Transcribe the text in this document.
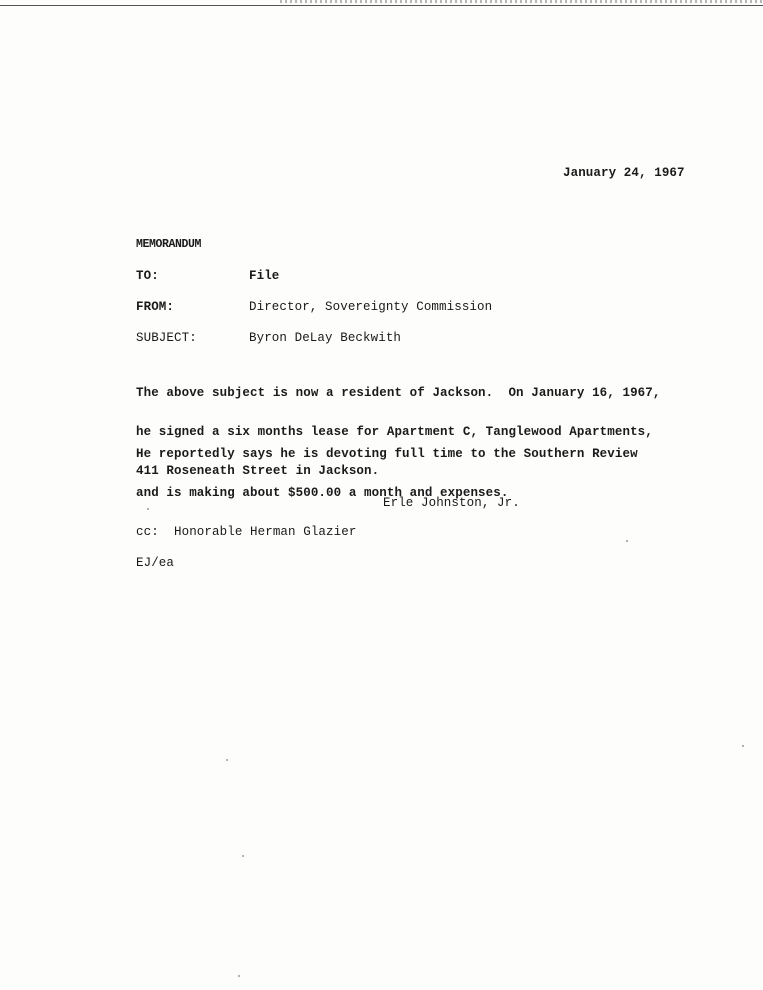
January 24, 1967
MEMORANDUM
TO:	File
FROM:	Director, Sovereignty Commission
SUBJECT:	Byron DeLay Beckwith

The above subject is now a resident of Jackson.  On January 16, 1967,

he signed a six months lease for Apartment C, Tanglewood Apartments,

411 Roseneath Street in Jackson.

He reportedly says he is devoting full time to the Southern Review

and is making about $500.00 a month and expenses.

Erle Johnston, Jr.
cc:  Honorable Herman Glazier
EJ/ea
